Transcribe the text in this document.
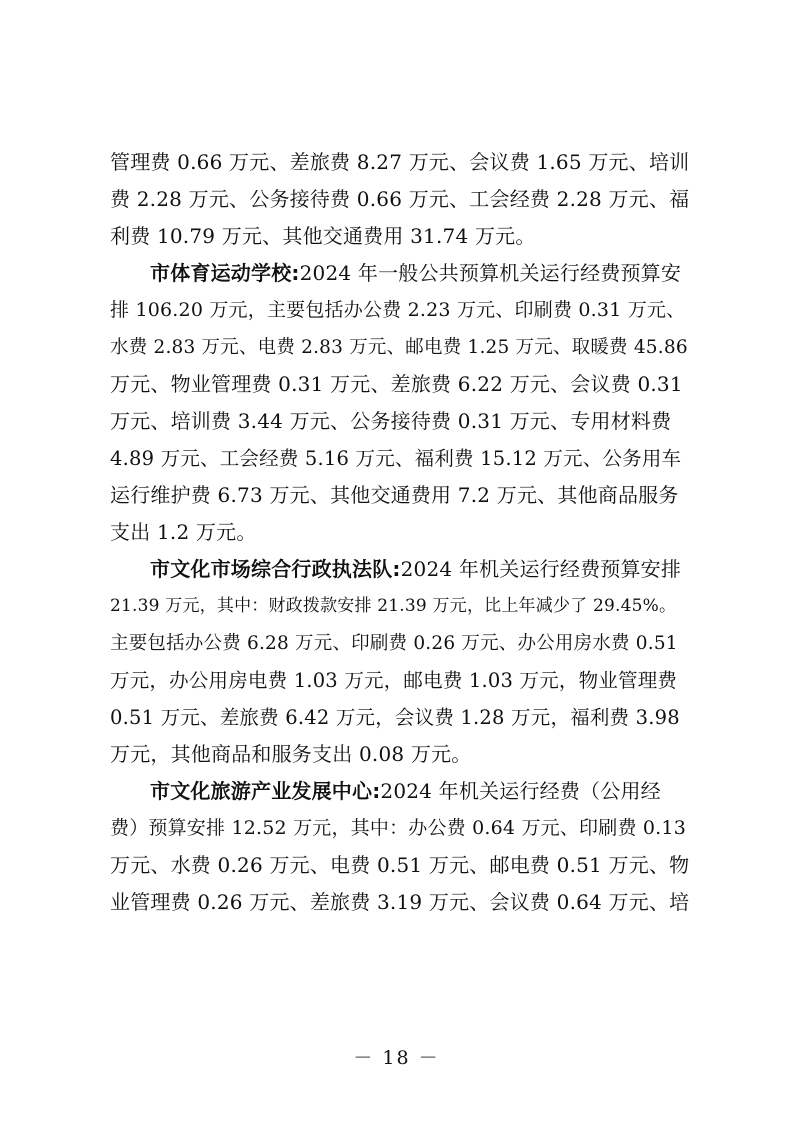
管理费 0.66 万元、差旅费 8.27 万元、会议费 1.65 万元、培训
费 2.28 万元、公务接待费 0.66 万元、工会经费 2.28 万元、福
利费 10.79 万元、其他交通费用 31.74 万元。
市体育运动学校:2024 年一般公共预算机关运行经费预算安
排 106.20 万元，主要包括办公费 2.23 万元、印刷费 0.31 万元、
水费 2.83 万元、电费 2.83 万元、邮电费 1.25 万元、取暖费 45.86
万元、物业管理费 0.31 万元、差旅费 6.22 万元、会议费 0.31
万元、培训费 3.44 万元、公务接待费 0.31 万元、专用材料费
4.89 万元、工会经费 5.16 万元、福利费 15.12 万元、公务用车
运行维护费 6.73 万元、其他交通费用 7.2 万元、其他商品服务
支出 1.2 万元。
市文化市场综合行政执法队:2024 年机关运行经费预算安排
21.39 万元，其中：财政拨款安排 21.39 万元，比上年减少了 29.45%。
主要包括办公费 6.28 万元、印刷费 0.26 万元、办公用房水费 0.51
万元，办公用房电费 1.03 万元，邮电费 1.03 万元，物业管理费
0.51 万元、差旅费 6.42 万元，会议费 1.28 万元，福利费 3.98
万元，其他商品和服务支出 0.08 万元。
市文化旅游产业发展中心:2024 年机关运行经费（公用经
费）预算安排 12.52 万元，其中：办公费 0.64 万元、印刷费 0.13
万元、水费 0.26 万元、电费 0.51 万元、邮电费 0.51 万元、物
业管理费 0.26 万元、差旅费 3.19 万元、会议费 0.64 万元、培
－ 18 －
